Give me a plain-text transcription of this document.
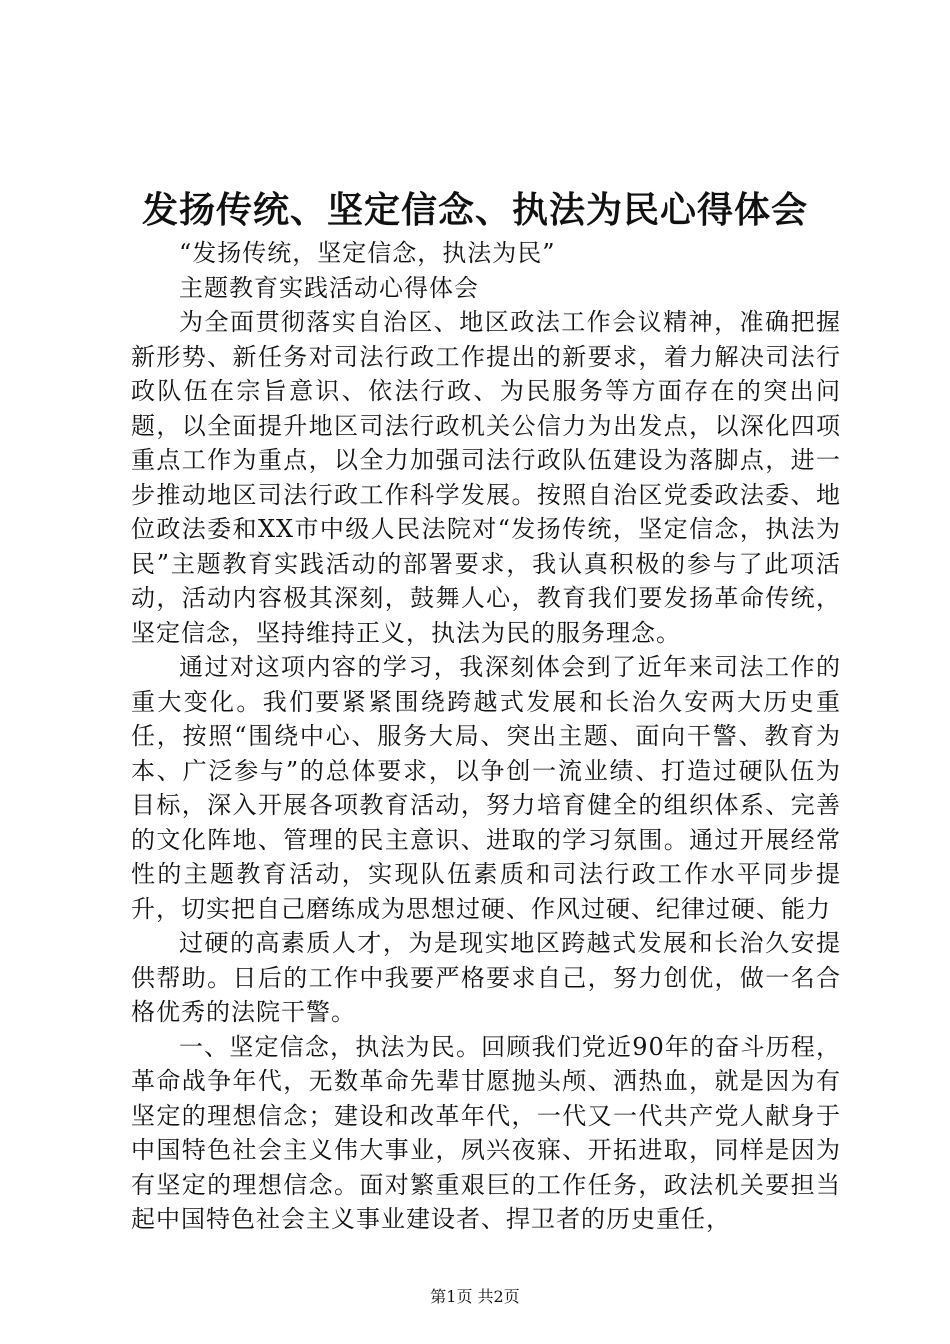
发扬传统、坚定信念、执法为民心得体会

“发扬传统，坚定信念，执法为民”

主题教育实践活动心得体会

为全面贯彻落实自治区、地区政法工作会议精神，准确把握新形势、新任务对司法行政工作提出的新要求，着力解决司法行政队伍在宗旨意识、依法行政、为民服务等方面存在的突出问题，以全面提升地区司法行政机关公信力为出发点，以深化四项重点工作为重点，以全力加强司法行政队伍建设为落脚点，进一步推动地区司法行政工作科学发展。按照自治区党委政法委、地位政法委和XX市中级人民法院对“发扬传统，坚定信念，执法为民”主题教育实践活动的部署要求，我认真积极的参与了此项活动，活动内容极其深刻，鼓舞人心，教育我们要发扬革命传统，坚定信念，坚持维持正义，执法为民的服务理念。

通过对这项内容的学习，我深刻体会到了近年来司法工作的重大变化。我们要紧紧围绕跨越式发展和长治久安两大历史重任，按照“围绕中心、服务大局、突出主题、面向干警、教育为本、广泛参与”的总体要求，以争创一流业绩、打造过硬队伍为目标，深入开展各项教育活动，努力培育健全的组织体系、完善的文化阵地、管理的民主意识、进取的学习氛围。通过开展经常性的主题教育活动，实现队伍素质和司法行政工作水平同步提升，切实把自己磨练成为思想过硬、作风过硬、纪律过硬、能力

过硬的高素质人才，为是现实地区跨越式发展和长治久安提供帮助。日后的工作中我要严格要求自己，努力创优，做一名合格优秀的法院干警。

一、坚定信念，执法为民。回顾我们党近90年的奋斗历程，革命战争年代，无数革命先辈甘愿抛头颅、洒热血，就是因为有坚定的理想信念；建设和改革年代，一代又一代共产党人献身于中国特色社会主义伟大事业，夙兴夜寐、开拓进取，同样是因为有坚定的理想信念。面对繁重艰巨的工作任务，政法机关要担当起中国特色社会主义事业建设者、捍卫者的历史重任，

第1页 共2页
